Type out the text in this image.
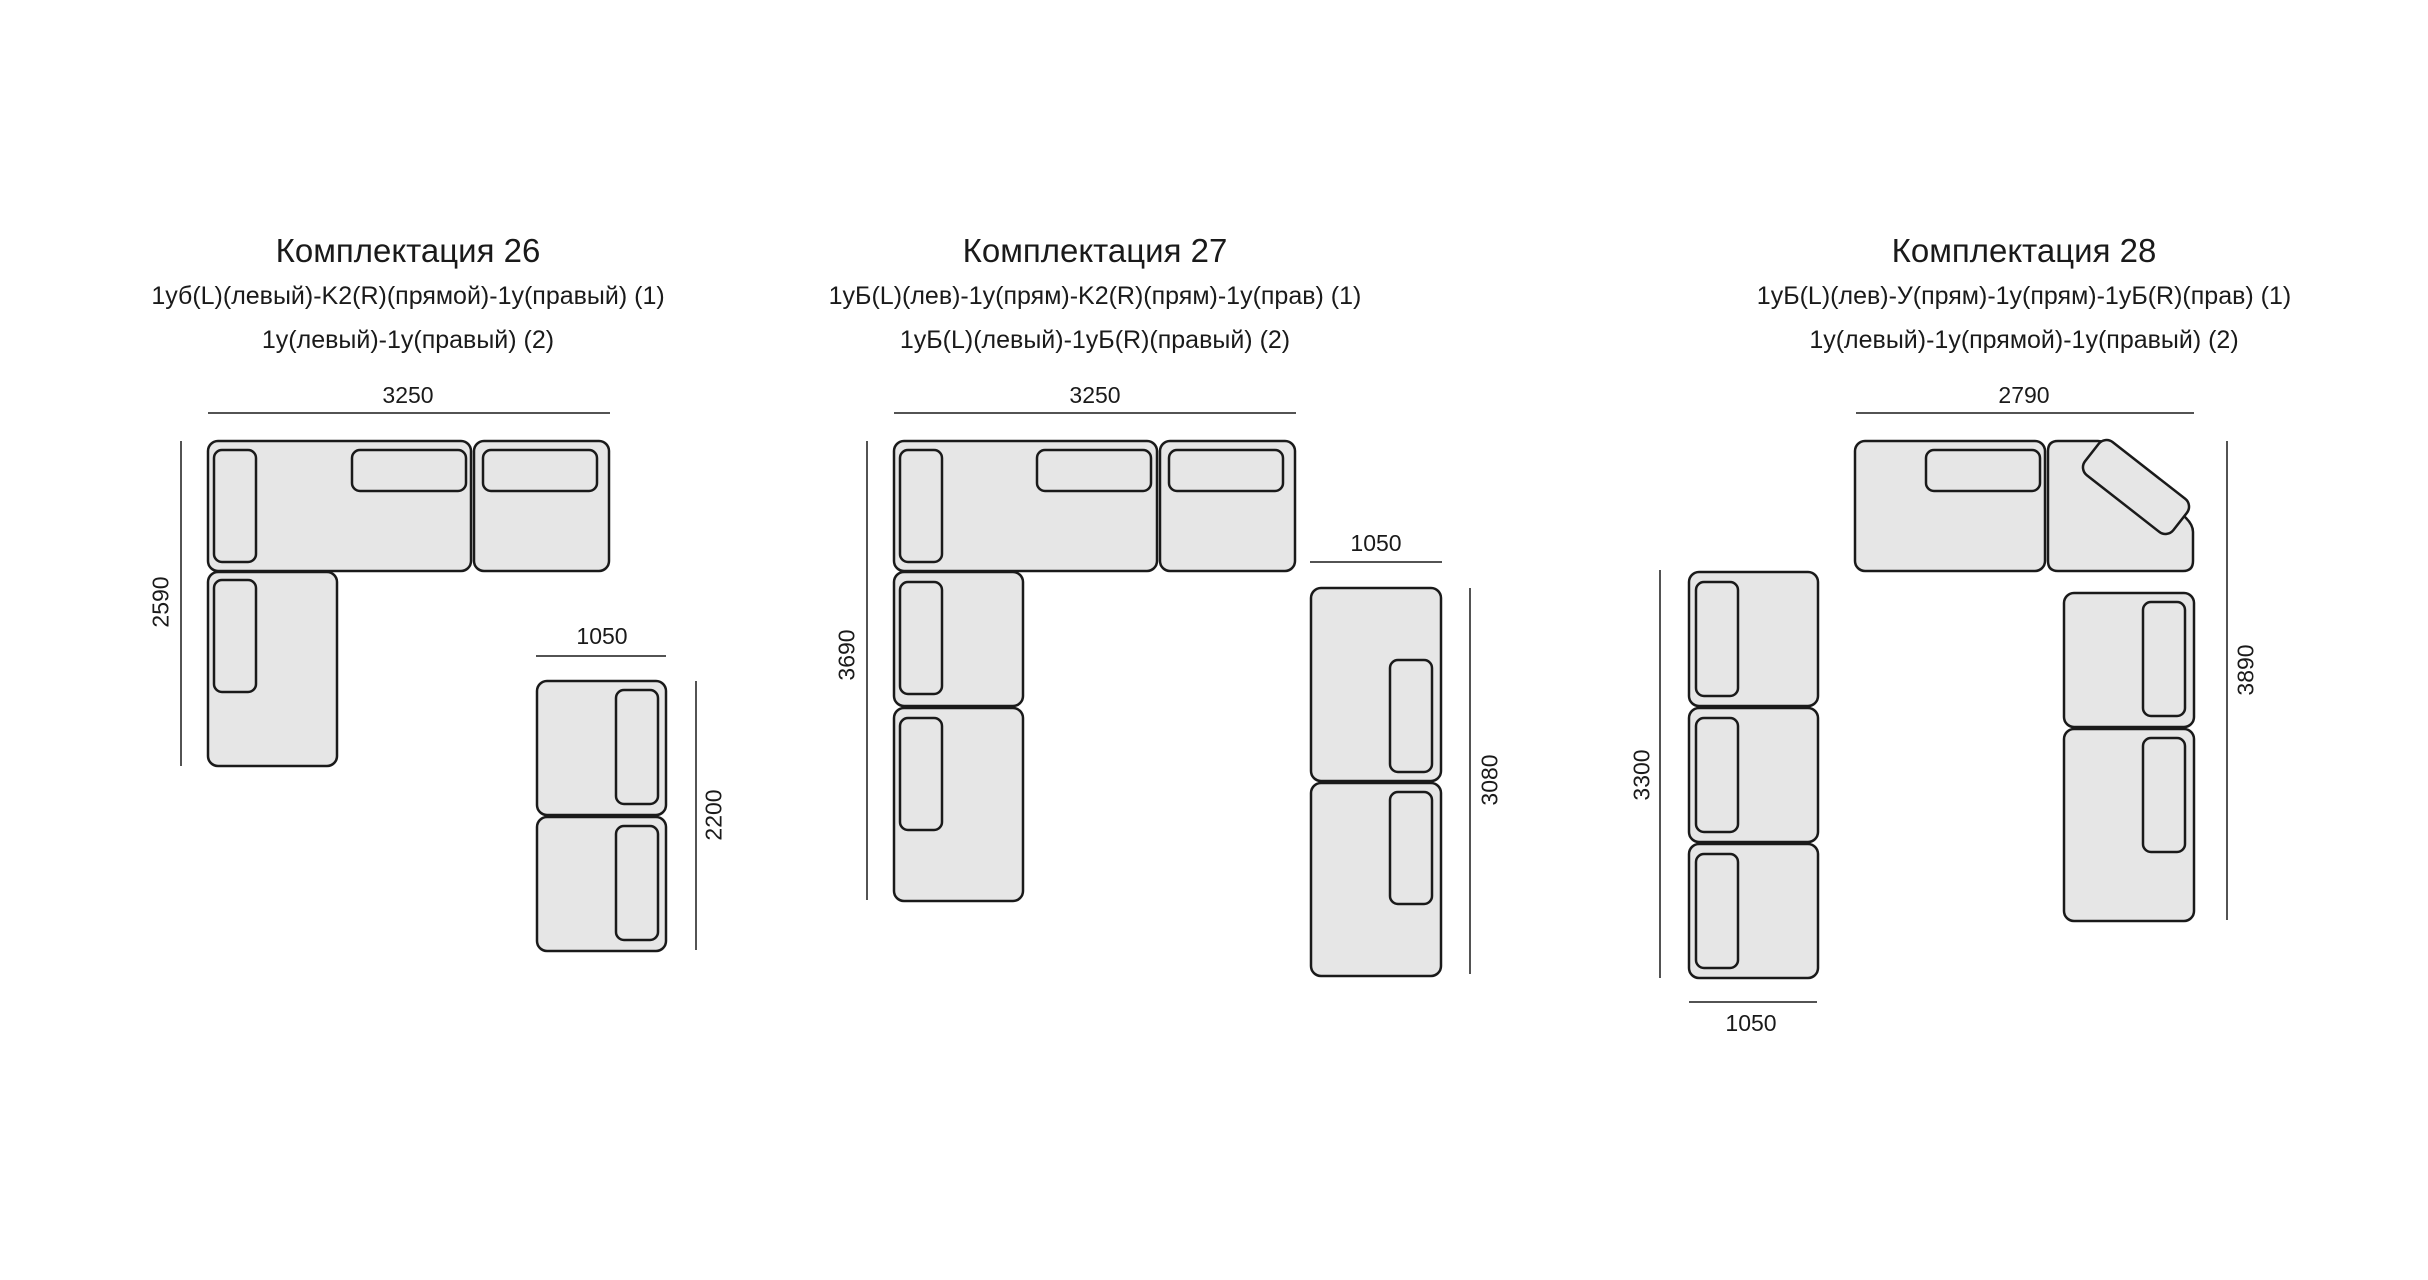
Комплектация 26
1уб(L)(левый)-K2(R)(прямой)-1у(правый) (1)
1у(левый)-1у(правый) (2)
3250
2590
1050
2200
Комплектация 27
1уБ(L)(лев)-1у(прям)-K2(R)(прям)-1у(прав) (1)
1уБ(L)(левый)-1уБ(R)(правый) (2)
3250
3690
1050
3080
Комплектация 28
1уБ(L)(лев)-У(прям)-1у(прям)-1уБ(R)(прав) (1)
1у(левый)-1у(прямой)-1у(правый) (2)
2790
3890
1050
3300
